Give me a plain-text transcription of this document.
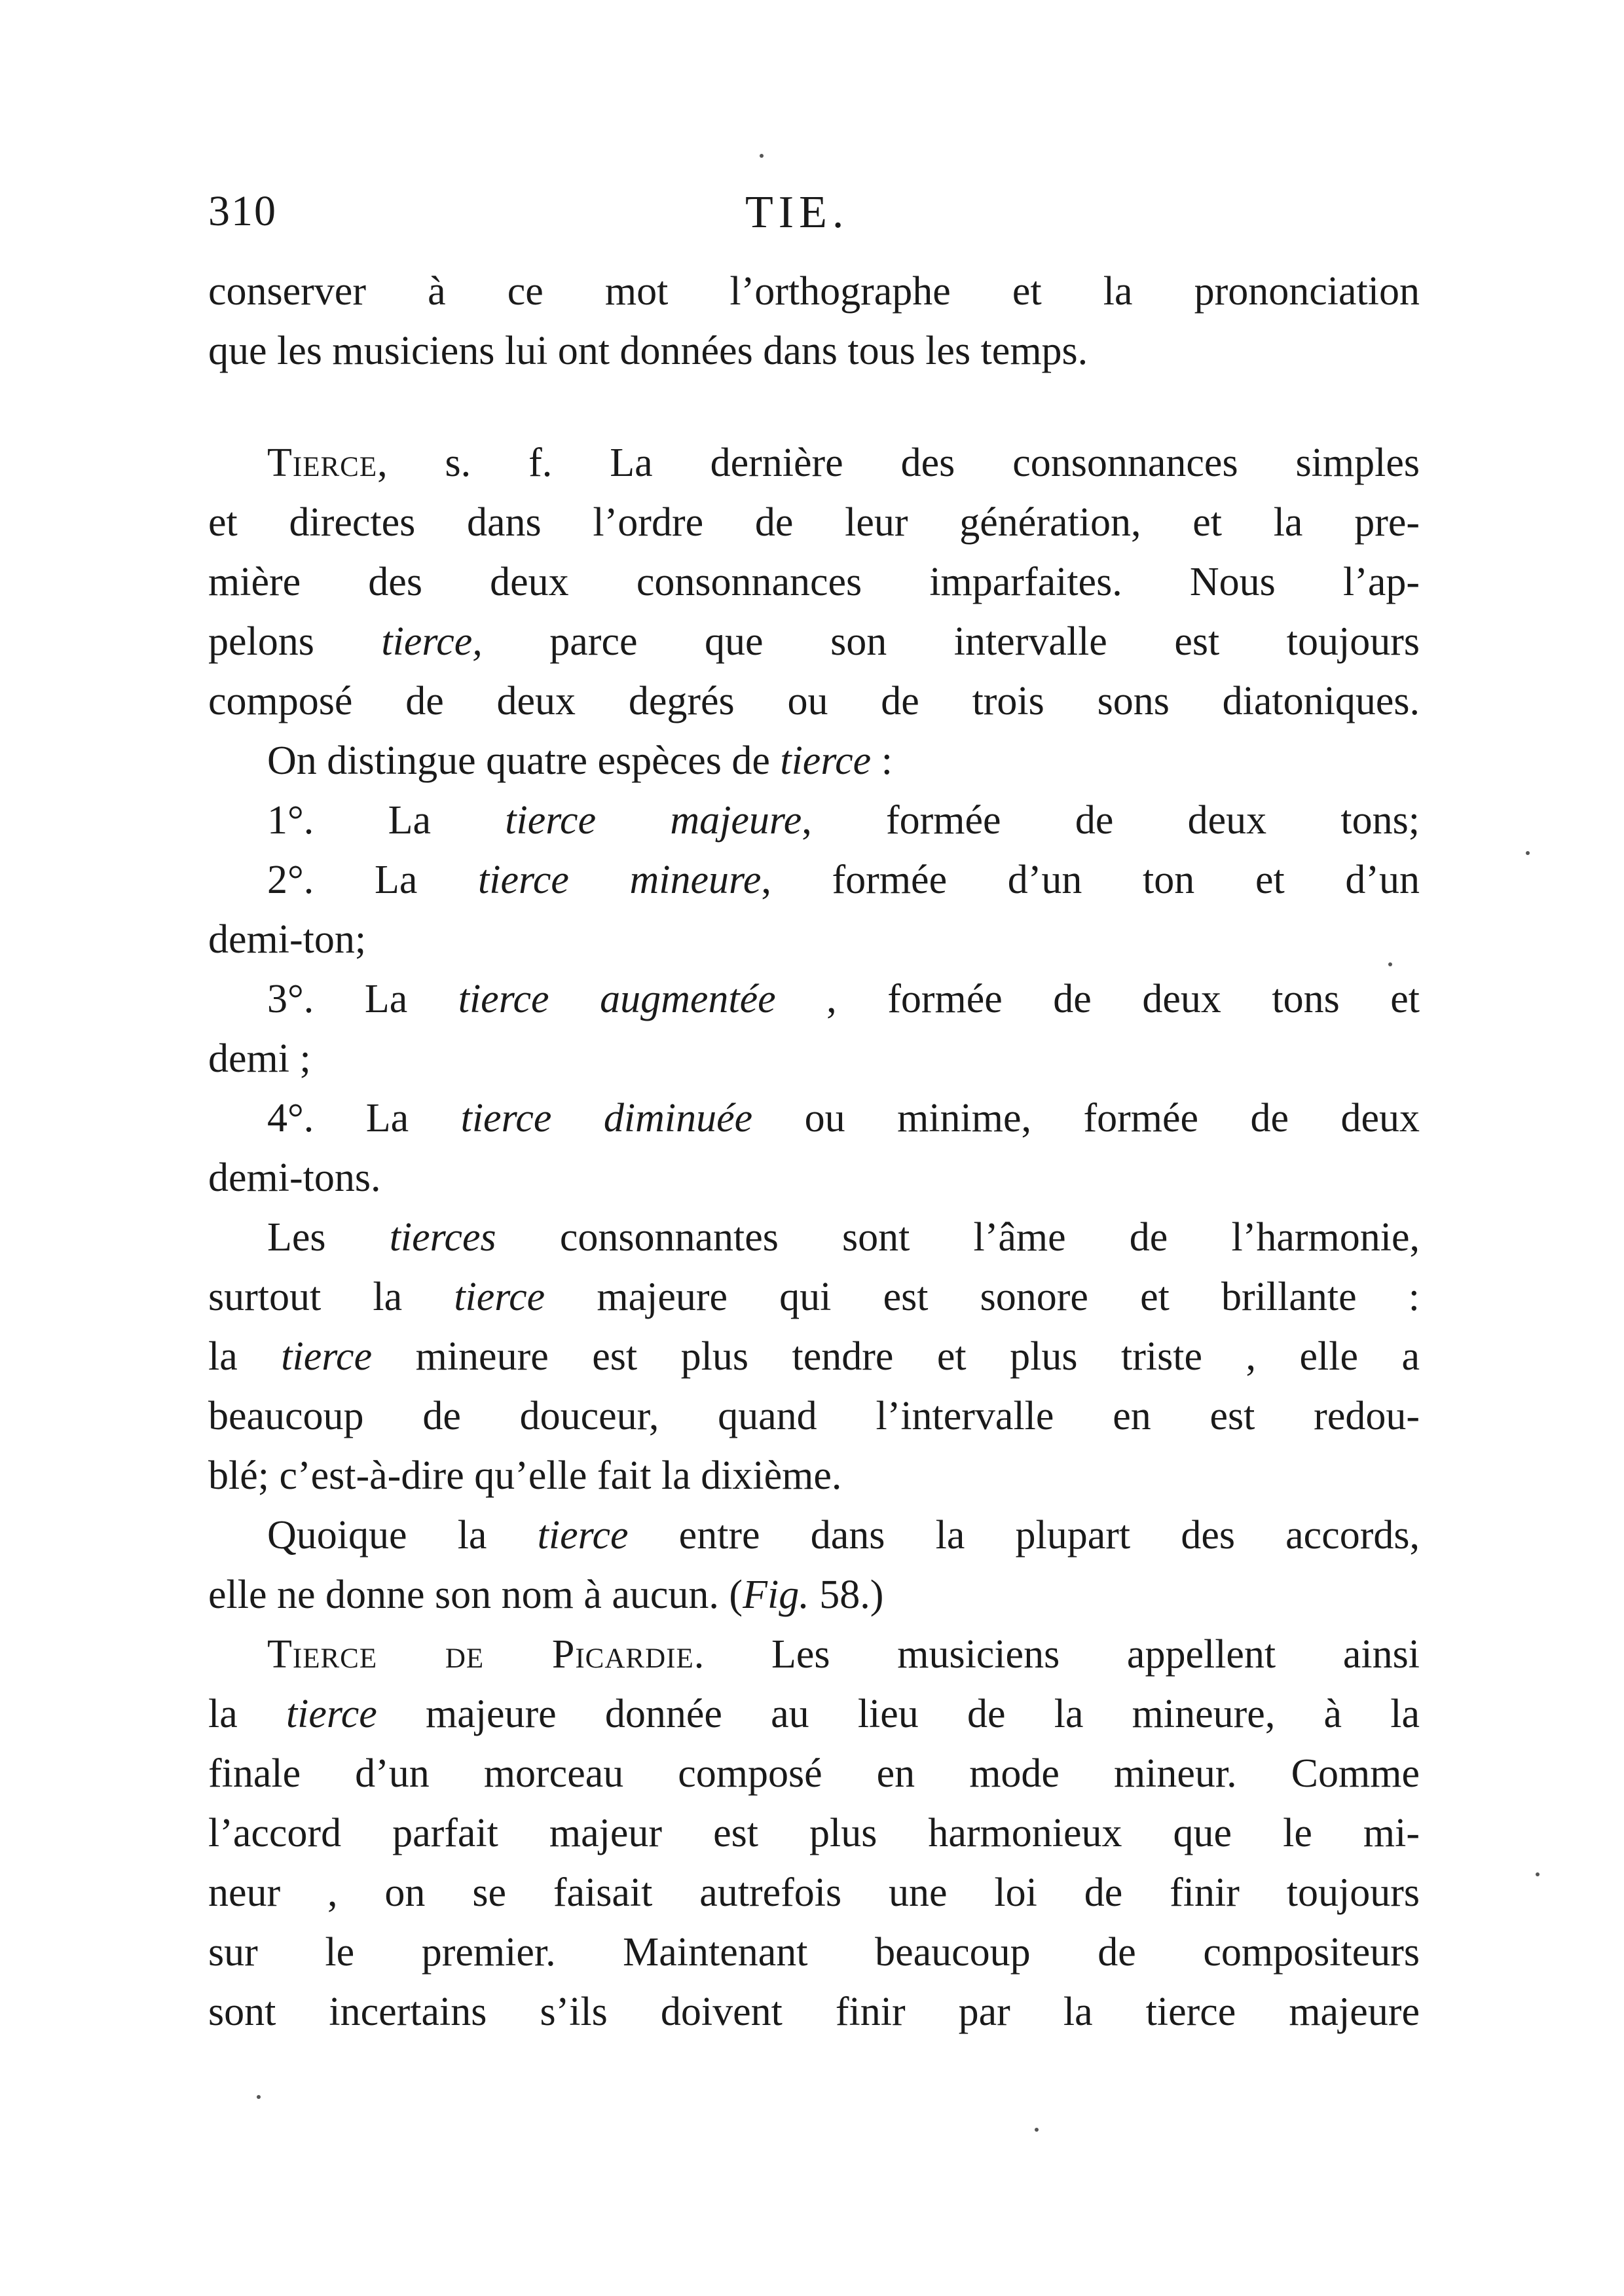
310	TIE.
conserver à ce mot l’orthographe et la prononciation
que les musiciens lui ont données dans tous les temps.
Tierce, s. f. La dernière des consonnances simples
et directes dans l’ordre de leur génération, et la pre-
mière des deux consonnances imparfaites. Nous l’ap-
pelons tierce, parce que son intervalle est toujours
composé de deux degrés ou de trois sons diatoniques.
On distingue quatre espèces de tierce :
1°. La tierce majeure, formée de deux tons;
2°. La tierce mineure, formée d’un ton et d’un
demi-ton;
3°. La tierce augmentée , formée de deux tons et
demi ;
4°. La tierce diminuée ou minime, formée de deux
demi-tons.
Les tierces consonnantes sont l’âme de l’harmonie,
surtout la tierce majeure qui est sonore et brillante :
la tierce mineure est plus tendre et plus triste , elle a
beaucoup de douceur, quand l’intervalle en est redou-
blé; c’est-à-dire qu’elle fait la dixième.
Quoique la tierce entre dans la plupart des accords,
elle ne donne son nom à aucun. (Fig. 58.)
Tierce de Picardie. Les musiciens appellent ainsi
la tierce majeure donnée au lieu de la mineure, à la
finale d’un morceau composé en mode mineur. Comme
l’accord parfait majeur est plus harmonieux que le mi-
neur , on se faisait autrefois une loi de finir toujours
sur le premier. Maintenant beaucoup de compositeurs
sont incertains s’ils doivent finir par la tierce majeure
